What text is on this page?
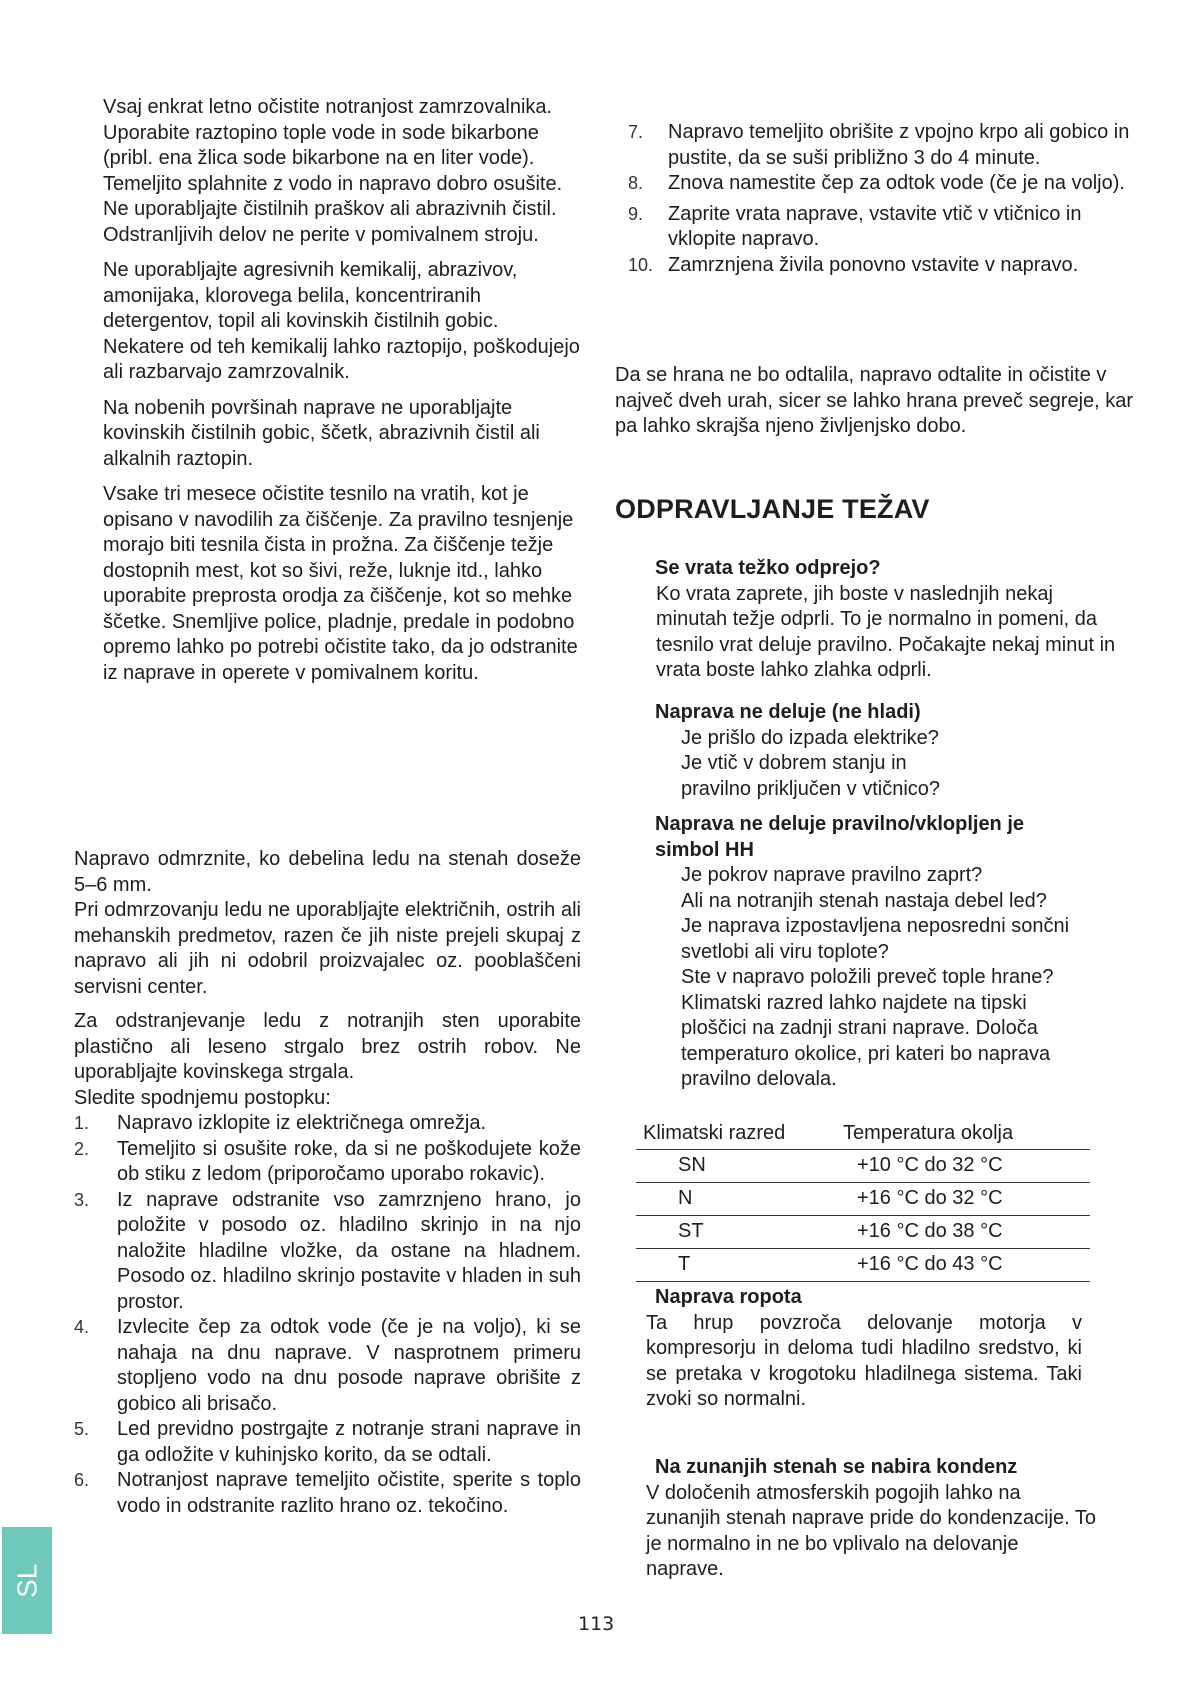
Vsaj enkrat letno očistite notranjost zamrzovalnika. Uporabite raztopino tople vode in sode bikarbone (pribl. ena žlica sode bikarbone na en liter vode). Temeljito splahnite z vodo in napravo dobro osušite. Ne uporabljajte čistilnih praškov ali abrazivnih čistil. Odstranljivih delov ne perite v pomivalnem stroju.

Ne uporabljajte agresivnih kemikalij, abrazivov, amonijaka, klorovega belila, koncentriranih detergentov, topil ali kovinskih čistilnih gobic. Nekatere od teh kemikalij lahko raztopijo, poškodujejo ali razbarvajo zamrzovalnik.

Na nobenih površinah naprave ne uporabljajte kovinskih čistilnih gobic, ščetk, abrazivnih čistil ali alkalnih raztopin.

Vsake tri mesece očistite tesnilo na vratih, kot je opisano v navodilih za čiščenje. Za pravilno tesnjenje morajo biti tesnila čista in prožna. Za čiščenje težje dostopnih mest, kot so šivi, reže, luknje itd., lahko uporabite preprosta orodja za čiščenje, kot so mehke ščetke. Snemljive police, pladnje, predale in podobno opremo lahko po potrebi očistite tako, da jo odstranite iz naprave in operete v pomivalnem koritu.

Napravo odmrznite, ko debelina ledu na stenah doseže 5–6 mm.

Pri odmrzovanju ledu ne uporabljajte električnih, ostrih ali mehanskih predmetov, razen če jih niste prejeli skupaj z napravo ali jih ni odobril proizvajalec oz. pooblaščeni servisni center.

Za odstranjevanje ledu z notranjih sten uporabite plastično ali leseno strgalo brez ostrih robov. Ne uporabljajte kovinskega strgala.

Sledite spodnjemu postopku:

1. Napravo izklopite iz električnega omrežja.
2. Temeljito si osušite roke, da si ne poškodujete kože ob stiku z ledom (priporočamo uporabo rokavic).
3. Iz naprave odstranite vso zamrznjeno hrano, jo položite v posodo oz. hladilno skrinjo in na njo naložite hladilne vložke, da ostane na hladnem. Posodo oz. hladilno skrinjo postavite v hladen in suh prostor.
4. Izvlecite čep za odtok vode (če je na voljo), ki se nahaja na dnu naprave. V nasprotnem primeru stopljeno vodo na dnu posode naprave obrišite z gobico ali brisačo.
5. Led previdno postrgajte z notranje strani naprave in ga odložite v kuhinjsko korito, da se odtali.
6. Notranjost naprave temeljito očistite, sperite s toplo vodo in odstranite razlito hrano oz. tekočino.
7. Napravo temeljito obrišite z vpojno krpo ali gobico in pustite, da se suši približno 3 do 4 minute.
8. Znova namestite čep za odtok vode (če je na voljo).
9. Zaprite vrata naprave, vstavite vtič v vtičnico in vklopite napravo.
10. Zamrznjena živila ponovno vstavite v napravo.

Da se hrana ne bo odtalila, napravo odtalite in očistite v največ dveh urah, sicer se lahko hrana preveč segreje, kar pa lahko skrajša njeno življenjsko dobo.

ODPRAVLJANJE TEŽAV

Se vrata težko odprejo?

Ko vrata zaprete, jih boste v naslednjih nekaj minutah težje odprli. To je normalno in pomeni, da tesnilo vrat deluje pravilno. Počakajte nekaj minut in vrata boste lahko zlahka odprli.

Naprava ne deluje (ne hladi)

Je prišlo do izpada elektrike?

Je vtič v dobrem stanju in pravilno priključen v vtičnico?

Naprava ne deluje pravilno/vklopljen je simbol HH

Je pokrov naprave pravilno zaprt?

Ali na notranjih stenah nastaja debel led?

Je naprava izpostavljena neposredni sončni svetlobi ali viru toplote?

Ste v napravo položili preveč tople hrane?

Klimatski razred lahko najdete na tipski ploščici na zadnji strani naprave. Določa temperaturo okolice, pri kateri bo naprava pravilno delovala.

Klimatski razred	Temperatura okolja
SN	+10 °C do 32 °C
N	+16 °C do 32 °C
ST	+16 °C do 38 °C
T	+16 °C do 43 °C

Naprava ropota

Ta hrup povzroča delovanje motorja v kompresorju in deloma tudi hladilno sredstvo, ki se pretaka v krogotoku hladilnega sistema. Taki zvoki so normalni.

Na zunanjih stenah se nabira kondenz

V določenih atmosferskih pogojih lahko na zunanjih stenah naprave pride do kondenzacije. To je normalno in ne bo vplivalo na delovanje naprave.

SL
113
